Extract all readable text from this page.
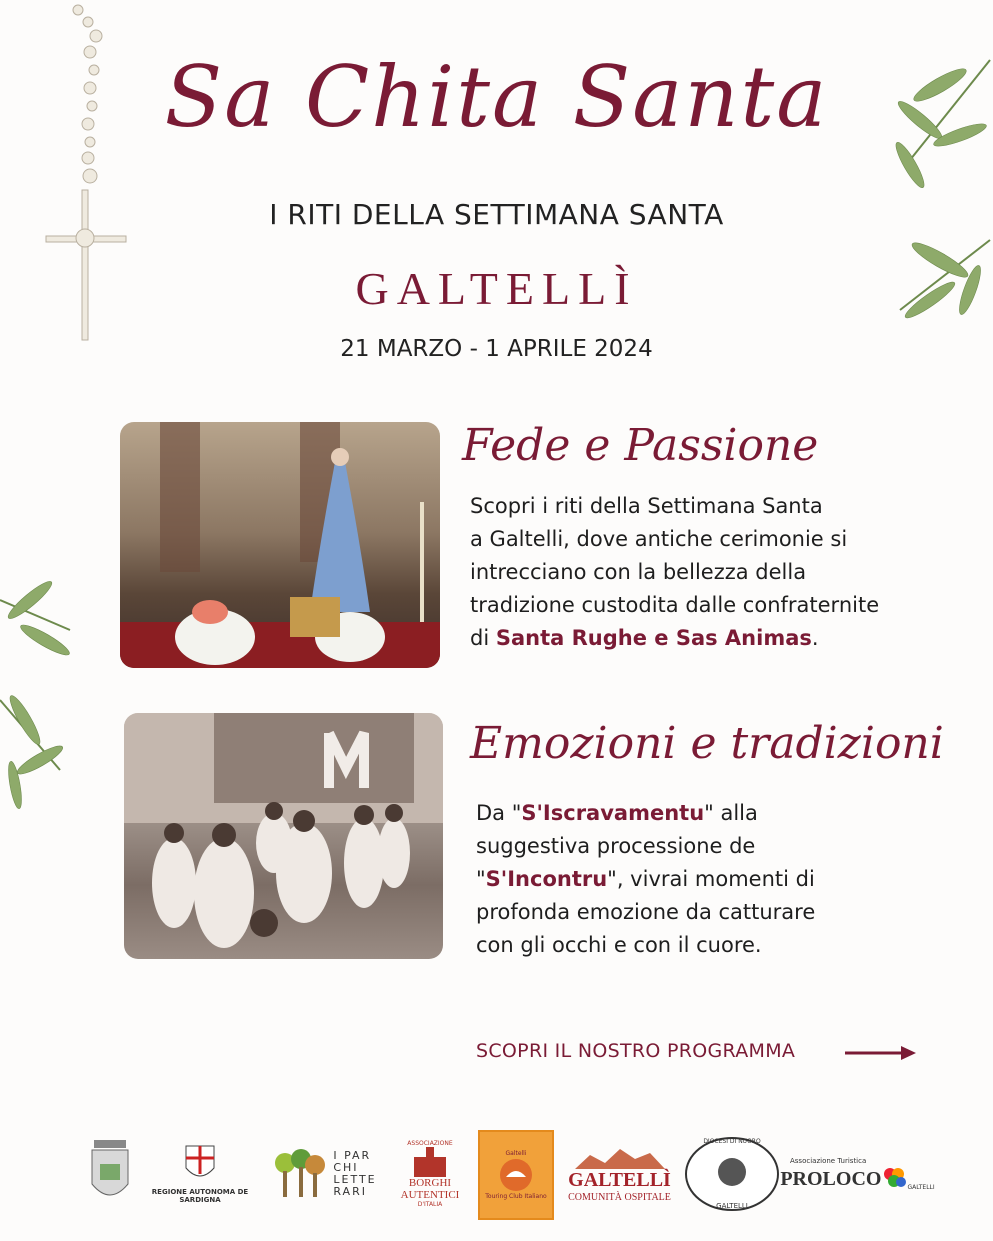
Sa Chita Santa
I RITI DELLA SETTIMANA SANTA
GALTELLÌ
21 MARZO - 1 APRILE 2024
Fede e Passione
Scopri i riti della Settimana Santa
a Galtelli, dove antiche cerimonie si
intrecciano con la bellezza della
tradizione custodita dalle confraternite
di Santa Rughe e Sas Animas.
Emozioni e tradizioni
Da "S'Iscravamentu" alla
suggestiva processione de
"S'Incontru", vivrai momenti di
profonda emozione da catturare
con gli occhi e con il cuore.
SCOPRI IL NOSTRO PROGRAMMA
REGIONE AUTONOMA DE SARDIGNA
I PAR
CHI
LETTE
RARI
ASSOCIAZIONE
BORGHI
AUTENTICI
D'ITALIA
Galtelli
Touring Club Italiano
GALTELLÌ
COMUNITÀ OSPITALE
DIOCESI DI NUORO
GALTELLI
Associazione Turistica
PROLOCO	GALTELLI
